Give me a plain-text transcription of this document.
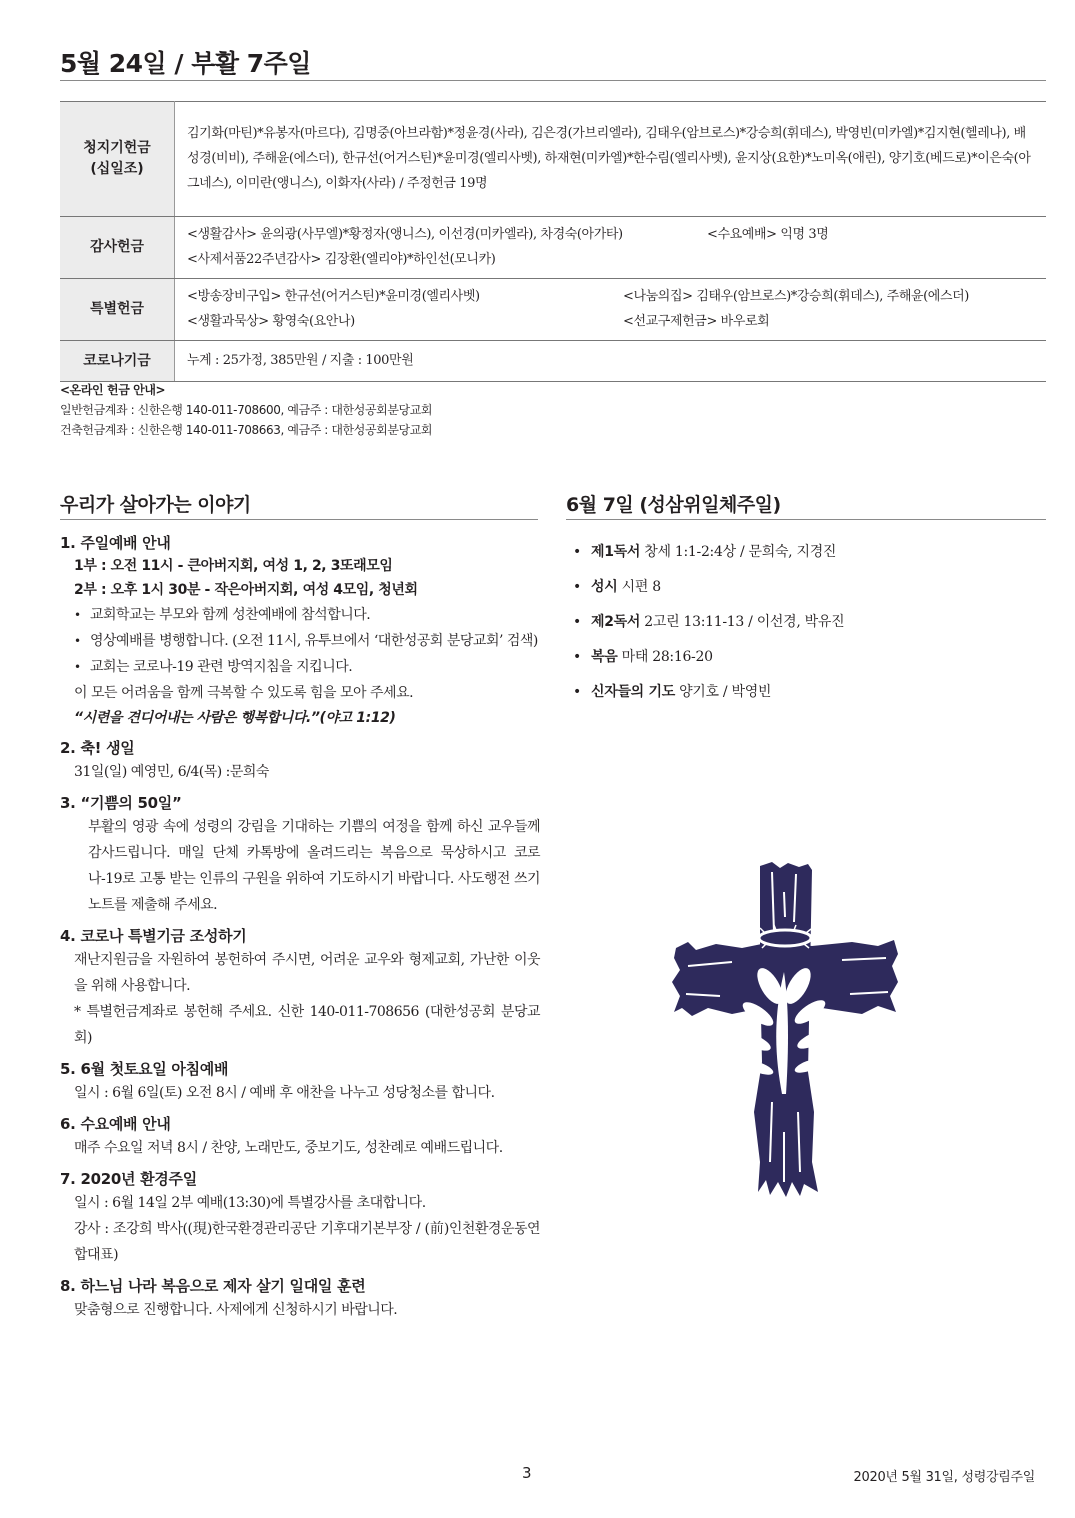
5월 24일 / 부활 7주일
청지기헌금
(십일조)	김기화(마틴)*유봉자(마르다), 김명중(아브라함)*정윤경(사라), 김은경(가브리엘라), 김태우(암브로스)*강승희(휘데스), 박영빈(미카엘)*김지현(헬레나), 배성경(비비), 주해윤(에스더), 한규선(어거스틴)*윤미경(엘리사벳), 하재현(미카엘)*한수림(엘리사벳), 윤지상(요한)*노미옥(애린), 양기호(베드로)*이은숙(아그네스), 이미란(앵니스), 이화자(사라) / 주정헌금 19명
감사헌금	<생활감사> 윤의광(사무엘)*황정자(앵니스), 이선경(미카엘라), 차경숙(아가타) <수요예배> 익명 3명
<사제서품22주년감사> 김장환(엘리야)*하인선(모니카)

특별헌금	<방송장비구입> 한규선(어거스틴)*윤미경(엘리사벳) <나눔의집> 김태우(암브로스)*강승희(휘데스), 주해윤(에스더)
<생활과묵상> 황영숙(요안나) <선교구제헌금> 바우로회

코로나기금	누계 : 25가정, 385만원 / 지출 : 100만원
<온라인 헌금 안내>
일반헌금계좌 : 신한은행 140-011-708600, 예금주 : 대한성공회분당교회
건축헌금계좌 : 신한은행 140-011-708663, 예금주 : 대한성공회분당교회
우리가 살아가는 이야기	6월 7일 (성삼위일체주일)
1. 주일예배 안내
1부 : 오전 11시 - 큰아버지회, 여성 1, 2, 3또래모임
2부 : 오후 1시 30분 - 작은아버지회, 여성 4모임, 청년회
• 교회학교는 부모와 함께 성찬예배에 참석합니다.
• 영상예배를 병행합니다. (오전 11시, 유투브에서 ‘대한성공회 분당교회’ 검색)
• 교회는 코로나-19 관련 방역지침을 지킵니다.
이 모든 어려움을 함께 극복할 수 있도록 힘을 모아 주세요.
“시련을 견디어내는 사람은 행복합니다.”(야고 1:12)
2. 축! 생일
31일(일) 예영민, 6/4(목) :문희숙
3. “기쁨의 50일”
부활의 영광 속에 성령의 강림을 기대하는 기쁨의 여정을 함께 하신 교우들께 감사드립니다. 매일 단체 카톡방에 올려드리는 복음으로 묵상하시고 코로나-19로 고통 받는 인류의 구원을 위하여 기도하시기 바랍니다. 사도행전 쓰기 노트를 제출해 주세요.
4. 코로나 특별기금 조성하기
재난지원금을 자원하여 봉헌하여 주시면, 어려운 교우와 형제교회, 가난한 이웃을 위해 사용합니다.
* 특별헌금계좌로 봉헌해 주세요. 신한 140-011-708656 (대한성공회 분당교회)
5. 6월 첫토요일 아침예배
일시 : 6월 6일(토) 오전 8시 / 예배 후 애찬을 나누고 성당청소를 합니다.
6. 수요예배 안내
매주 수요일 저녁 8시 / 찬양, 노래만도, 중보기도, 성찬례로 예배드립니다.
7. 2020년 환경주일
일시 : 6월 14일 2부 예배(13:30)에 특별강사를 초대합니다.
강사 : 조강희 박사((現)한국환경관리공단 기후대기본부장 / (前)인천환경운동연합대표)
8. 하느님 나라 복음으로 제자 살기 일대일 훈련
맞춤형으로 진행합니다. 사제에게 신청하시기 바랍니다.
• 제1독서 창세 1:1-2:4상 / 문희숙, 지경진
• 성시 시편 8
• 제2독서 2고린 13:11-13 / 이선경, 박유진
• 복음 마태 28:16-20
• 신자들의 기도 양기호 / 박영빈
3	2020년 5월 31일, 성령강림주일
